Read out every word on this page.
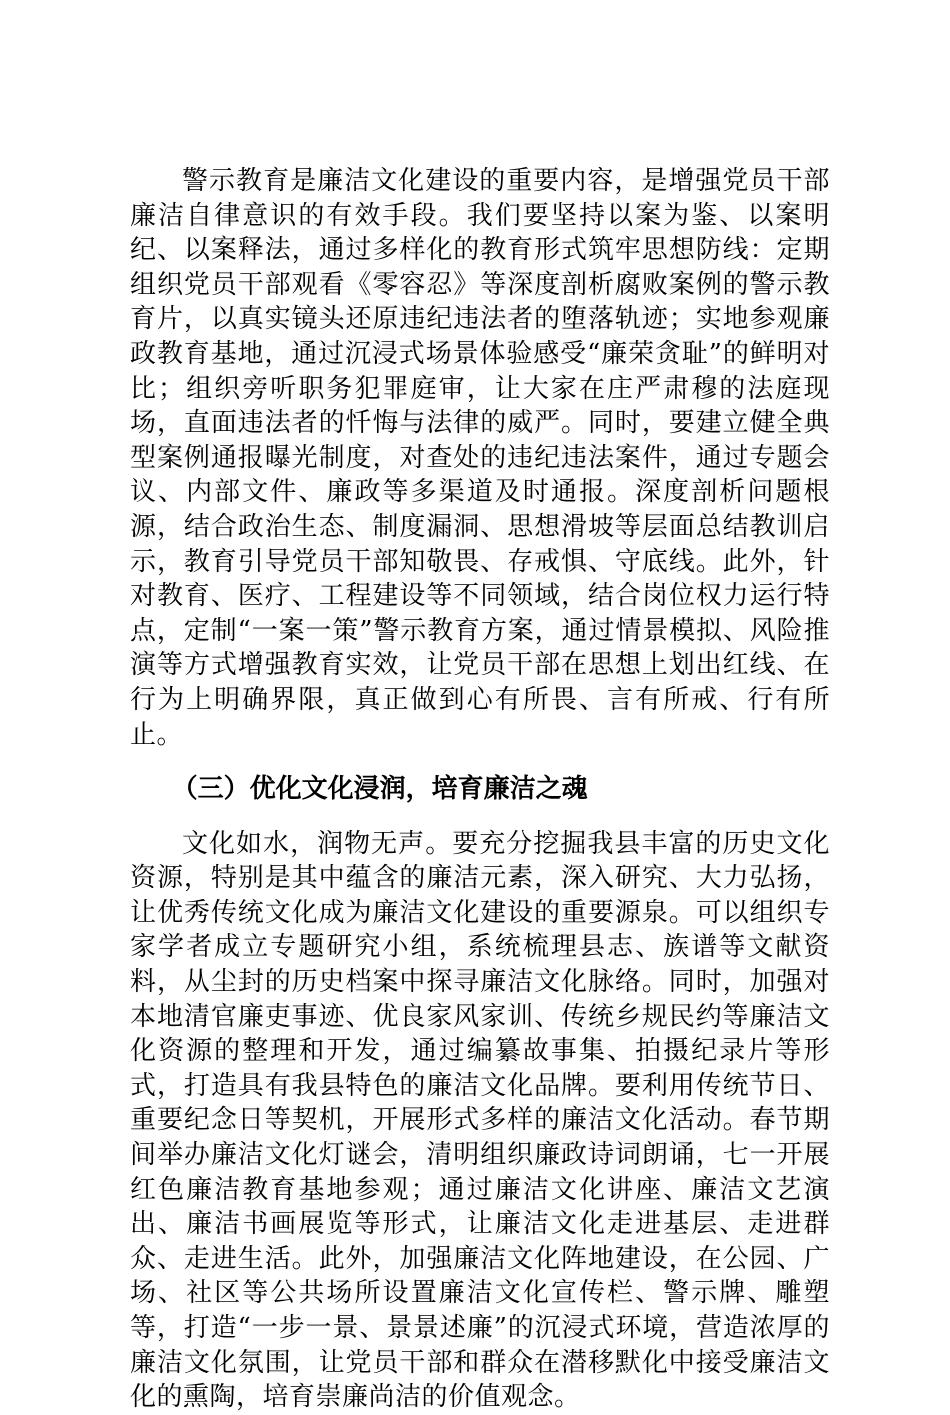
警示教育是廉洁文化建设的重要内容，是增强党员干部廉洁自律意识的有效手段。我们要坚持以案为鉴、以案明纪、以案释法，通过多样化的教育形式筑牢思想防线：定期组织党员干部观看《零容忍》等深度剖析腐败案例的警示教育片，以真实镜头还原违纪违法者的堕落轨迹；实地参观廉政教育基地，通过沉浸式场景体验感受“廉荣贪耻”的鲜明对比；组织旁听职务犯罪庭审，让大家在庄严肃穆的法庭现场，直面违法者的忏悔与法律的威严。同时，要建立健全典型案例通报曝光制度，对查处的违纪违法案件，通过专题会议、内部文件、廉政等多渠道及时通报。深度剖析问题根源，结合政治生态、制度漏洞、思想滑坡等层面总结教训启示，教育引导党员干部知敬畏、存戒惧、守底线。此外，针对教育、医疗、工程建设等不同领域，结合岗位权力运行特点，定制“一案一策”警示教育方案，通过情景模拟、风险推演等方式增强教育实效，让党员干部在思想上划出红线、在行为上明确界限，真正做到心有所畏、言有所戒、行有所止。

（三）优化文化浸润，培育廉洁之魂

文化如水，润物无声。要充分挖掘我县丰富的历史文化资源，特别是其中蕴含的廉洁元素，深入研究、大力弘扬，让优秀传统文化成为廉洁文化建设的重要源泉。可以组织专家学者成立专题研究小组，系统梳理县志、族谱等文献资料，从尘封的历史档案中探寻廉洁文化脉络。同时，加强对本地清官廉吏事迹、优良家风家训、传统乡规民约等廉洁文化资源的整理和开发，通过编纂故事集、拍摄纪录片等形式，打造具有我县特色的廉洁文化品牌。要利用传统节日、重要纪念日等契机，开展形式多样的廉洁文化活动。春节期间举办廉洁文化灯谜会，清明组织廉政诗词朗诵，七一开展红色廉洁教育基地参观；通过廉洁文化讲座、廉洁文艺演出、廉洁书画展览等形式，让廉洁文化走进基层、走进群众、走进生活。此外，加强廉洁文化阵地建设，在公园、广场、社区等公共场所设置廉洁文化宣传栏、警示牌、雕塑等，打造“一步一景、景景述廉”的沉浸式环境，营造浓厚的廉洁文化氛围，让党员干部和群众在潜移默化中接受廉洁文化的熏陶，培育崇廉尚洁的价值观念。
